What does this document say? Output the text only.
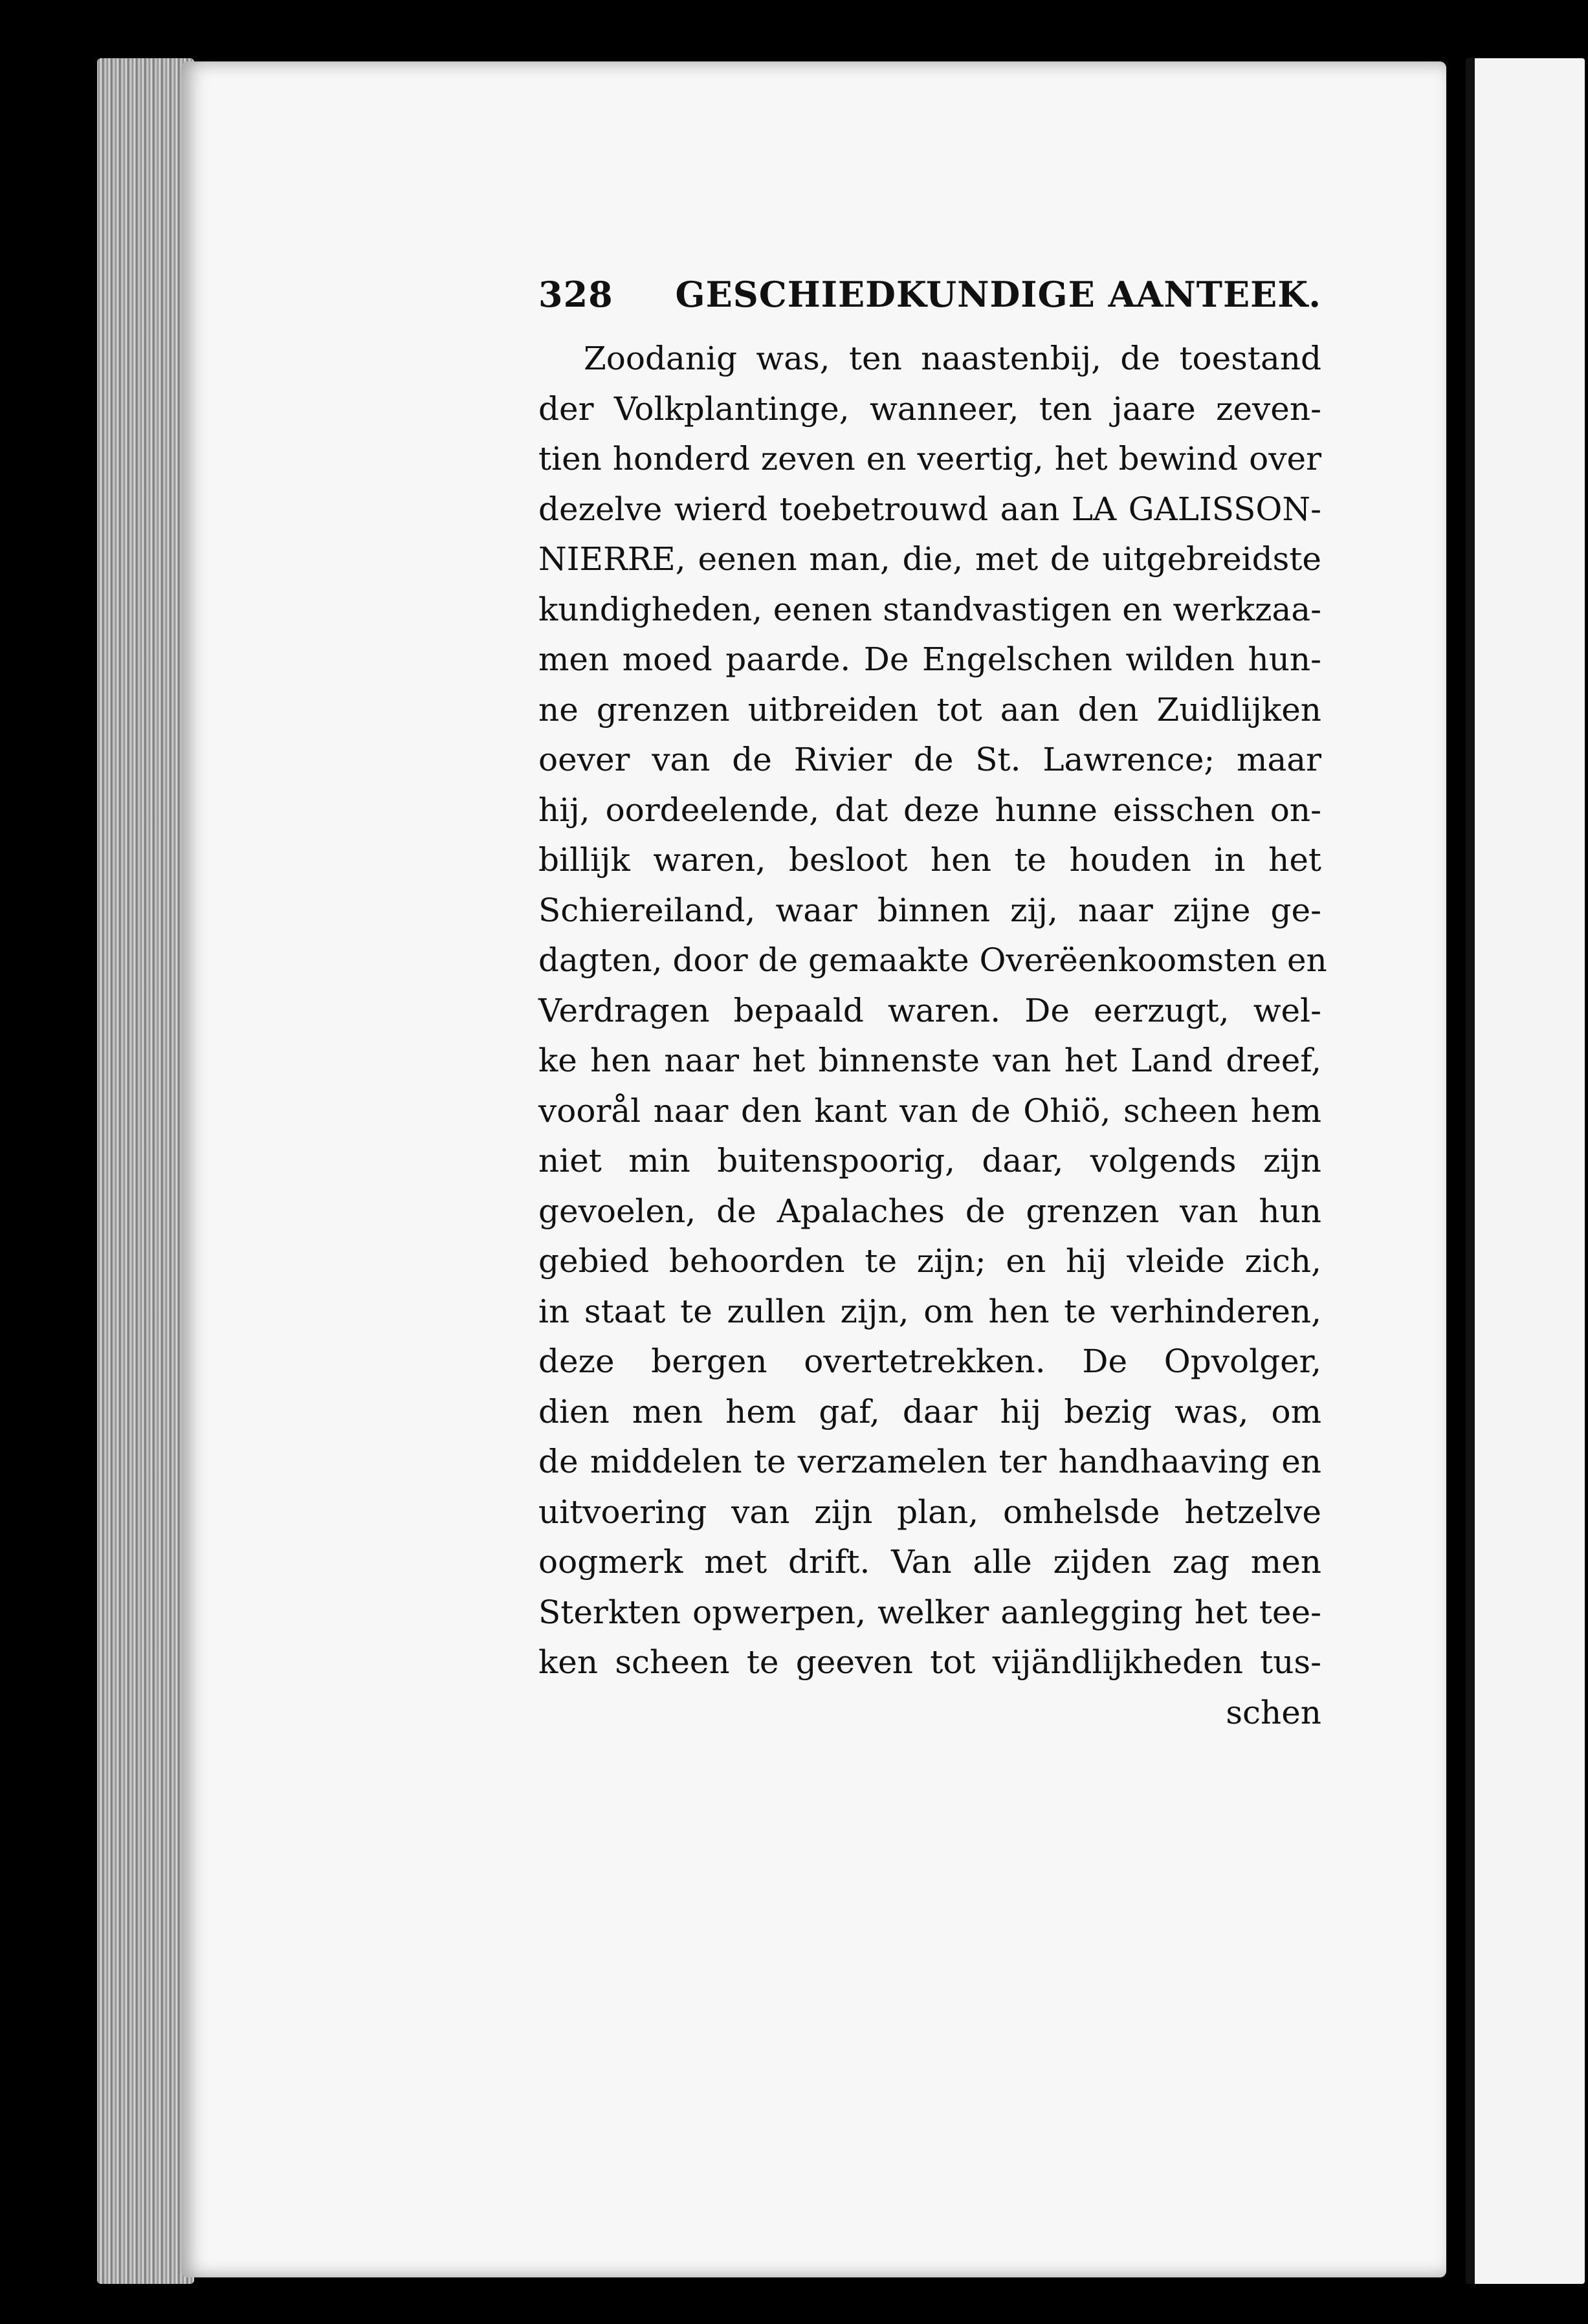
328	GESCHIEDKUNDIGE AANTEEK.
Zoodanig was, ten naastenbij, de toestand
der Volkplantinge, wanneer, ten jaare zeven-
tien honderd zeven en veertig, het bewind over
dezelve wierd toebetrouwd aan LA GALISSON-
NIERRE, eenen man, die, met de uitgebreidste
kundigheden, eenen standvastigen en werkzaa-
men moed paarde. De Engelschen wilden hun-
ne grenzen uitbreiden tot aan den Zuidlijken
oever van de Rivier de St. Lawrence; maar
hij, oordeelende, dat deze hunne eisschen on-
billijk waren, besloot hen te houden in het
Schiereiland, waar binnen zij, naar zijne ge-
dagten, door de gemaakte Overëenkoomsten en
Verdragen bepaald waren. De eerzugt, wel-
ke hen naar het binnenste van het Land dreef,
voorål naar den kant van de Ohiö, scheen hem
niet min buitenspoorig, daar, volgends zijn
gevoelen, de Apalaches de grenzen van hun
gebied behoorden te zijn; en hij vleide zich,
in staat te zullen zijn, om hen te verhinderen,
deze bergen overtetrekken. De Opvolger,
dien men hem gaf, daar hij bezig was, om
de middelen te verzamelen ter handhaaving en
uitvoering van zijn plan, omhelsde hetzelve
oogmerk met drift. Van alle zijden zag men
Sterkten opwerpen, welker aanlegging het tee-
ken scheen te geeven tot vijändlijkheden tus-
schen
